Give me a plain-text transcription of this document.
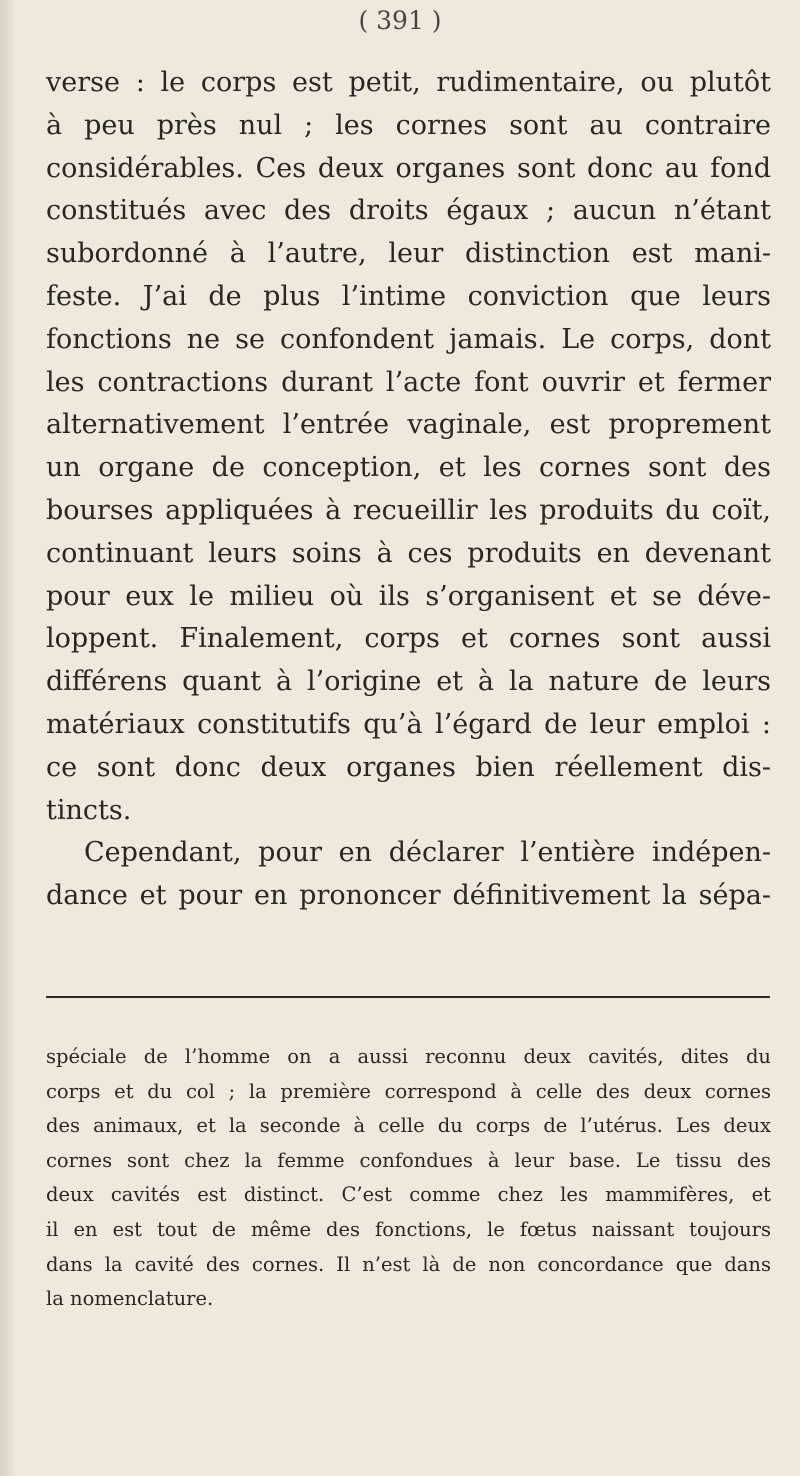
( 391 )
verse : le corps est petit, rudimentaire, ou plutôt
à peu près nul ; les cornes sont au contraire
considérables. Ces deux organes sont donc au fond
constitués avec des droits égaux ; aucun n’étant
subordonné à l’autre, leur distinction est mani-
feste. J’ai de plus l’intime conviction que leurs
fonctions ne se confondent jamais. Le corps, dont
les contractions durant l’acte font ouvrir et fermer
alternativement l’entrée vaginale, est proprement
un organe de conception, et les cornes sont des
bourses appliquées à recueillir les produits du coït,
continuant leurs soins à ces produits en devenant
pour eux le milieu où ils s’organisent et se déve-
loppent. Finalement, corps et cornes sont aussi
différens quant à l’origine et à la nature de leurs
matériaux constitutifs qu’à l’égard de leur emploi :
ce sont donc deux organes bien réellement dis-
tincts.
Cependant, pour en déclarer l’entière indépen-
dance et pour en prononcer définitivement la sépa-
spéciale de l’homme on a aussi reconnu deux cavités, dites du
corps et du col ; la première correspond à celle des deux cornes
des animaux, et la seconde à celle du corps de l’utérus. Les deux
cornes sont chez la femme confondues à leur base. Le tissu des
deux cavités est distinct. C’est comme chez les mammifères, et
il en est tout de même des fonctions, le fœtus naissant toujours
dans la cavité des cornes. Il n’est là de non concordance que dans
la nomenclature.
